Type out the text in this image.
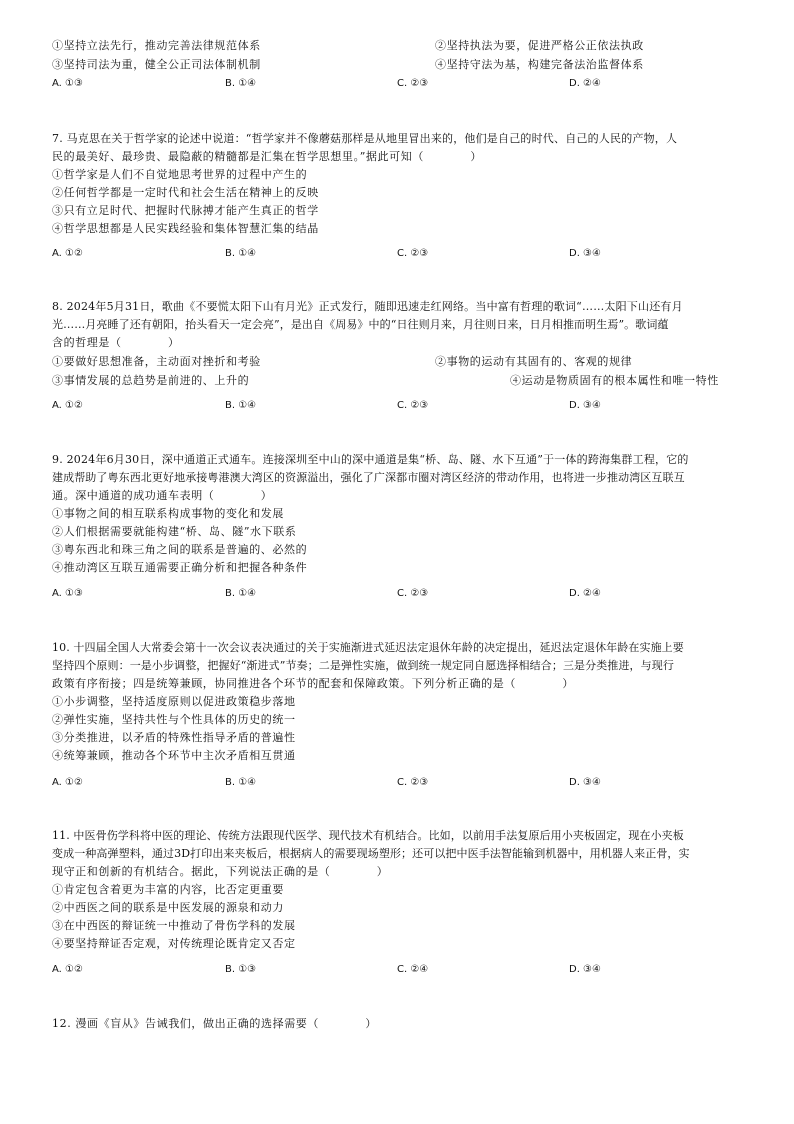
①坚持立法先行，推动完善法律规范体系	②坚持执法为要，促进严格公正依法执政
③坚持司法为重，健全公正司法体制机制	④坚持守法为基，构建完备法治监督体系
A. ①③	B. ①④	C. ②③	D. ②④
7. 马克思在关于哲学家的论述中说道：“哲学家并不像蘑菇那样是从地里冒出来的，他们是自己的时代、自己的人民的产物，人
民的最美好、最珍贵、最隐蔽的精髓都是汇集在哲学思想里。”据此可知（　　　　）
①哲学家是人们不自觉地思考世界的过程中产生的
②任何哲学都是一定时代和社会生活在精神上的反映
③只有立足时代、把握时代脉搏才能产生真正的哲学
④哲学思想都是人民实践经验和集体智慧汇集的结晶
A. ①②	B. ①④	C. ②③	D. ③④
8. 2024年5月31日，歌曲《不要慌太阳下山有月光》正式发行，随即迅速走红网络。当中富有哲理的歌词“……太阳下山还有月
光……月亮睡了还有朝阳，抬头看天一定会亮”，是出自《周易》中的“日往则月来，月往则日来，日月相推而明生焉”。歌词蕴
含的哲理是（　　　　）
①要做好思想准备，主动面对挫折和考验	②事物的运动有其固有的、客观的规律
③事情发展的总趋势是前进的、上升的	④运动是物质固有的根本属性和唯一特性
A. ①②	B. ①④	C. ②③	D. ③④
9. 2024年6月30日，深中通道正式通车。连接深圳至中山的深中通道是集“桥、岛、隧、水下互通”于一体的跨海集群工程，它的
建成帮助了粤东西北更好地承接粤港澳大湾区的资源溢出，强化了广深都市圈对湾区经济的带动作用，也将进一步推动湾区互联互
通。深中通道的成功通车表明（　　　　）
①事物之间的相互联系构成事物的变化和发展
②人们根据需要就能构建“桥、岛、隧”水下联系
③粤东西北和珠三角之间的联系是普遍的、必然的
④推动湾区互联互通需要正确分析和把握各种条件
A. ①③	B. ①④	C. ②③	D. ②④
10. 十四届全国人大常委会第十一次会议表决通过的关于实施渐进式延迟法定退休年龄的决定提出，延迟法定退休年龄在实施上要
坚持四个原则：一是小步调整，把握好“渐进式”节奏；二是弹性实施，做到统一规定同自愿选择相结合；三是分类推进，与现行
政策有序衔接；四是统筹兼顾，协同推进各个环节的配套和保障政策。下列分析正确的是（　　　　）
①小步调整，坚持适度原则以促进政策稳步落地
②弹性实施，坚持共性与个性具体的历史的统一
③分类推进，以矛盾的特殊性指导矛盾的普遍性
④统筹兼顾，推动各个环节中主次矛盾相互贯通
A. ①②	B. ①④	C. ②③	D. ③④
11. 中医骨伤学科将中医的理论、传统方法跟现代医学、现代技术有机结合。比如，以前用手法复原后用小夹板固定，现在小夹板
变成一种高弹塑料，通过3D打印出来夹板后，根据病人的需要现场塑形；还可以把中医手法智能输到机器中，用机器人来正骨，实
现守正和创新的有机结合。据此，下列说法正确的是（　　　　）
①肯定包含着更为丰富的内容，比否定更重要
②中西医之间的联系是中医发展的源泉和动力
③在中西医的辩证统一中推动了骨伤学科的发展
④要坚持辩证否定观，对传统理论既肯定又否定
A. ①②	B. ①③	C. ②④	D. ③④
12. 漫画《盲从》告诫我们，做出正确的选择需要（　　　　）
